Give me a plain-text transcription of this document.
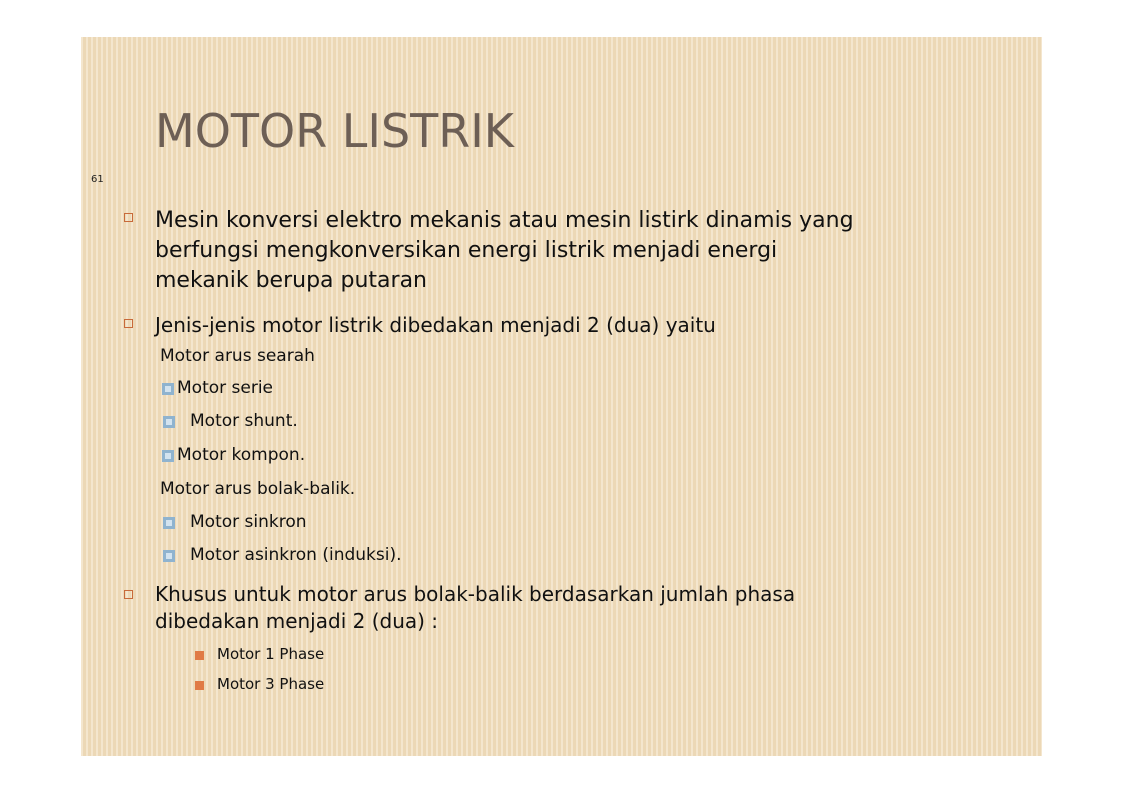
MOTOR LISTRIK
61
Mesin konversi elektro mekanis atau mesin listirk dinamis yang
berfungsi mengkonversikan energi listrik menjadi energi
mekanik berupa putaran
Jenis-jenis motor listrik dibedakan menjadi 2 (dua) yaitu
Motor arus searah
Motor serie
Motor shunt.
Motor kompon.
Motor arus bolak-balik.
Motor sinkron
Motor asinkron (induksi).
Khusus untuk motor arus bolak-balik berdasarkan jumlah phasa
dibedakan menjadi 2 (dua) :
Motor 1 Phase
Motor 3 Phase
